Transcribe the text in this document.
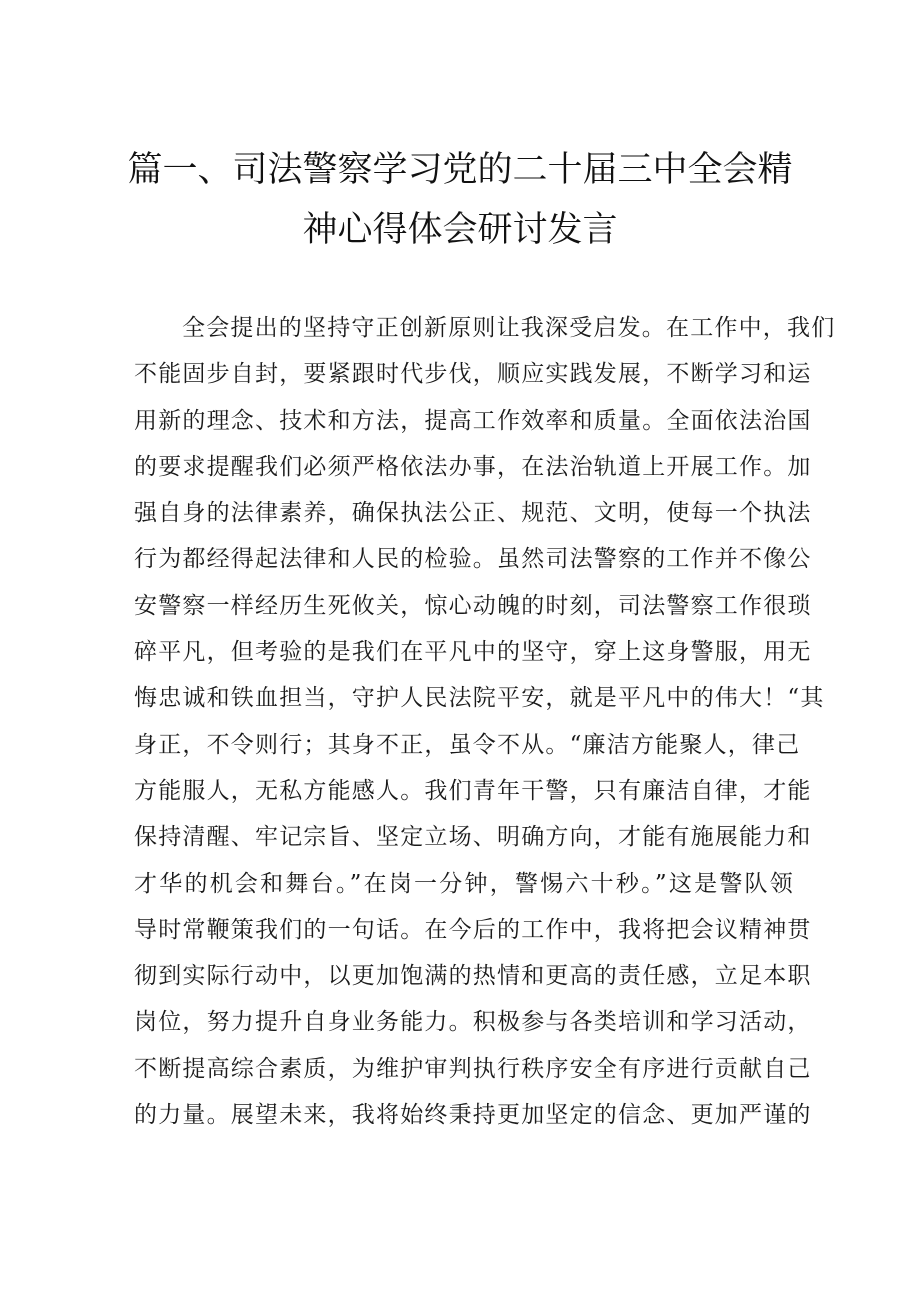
篇一、司法警察学习党的二十届三中全会精
神心得体会研讨发言
全会提出的坚持守正创新原则让我深受启发。在工作中，我们
不能固步自封，要紧跟时代步伐，顺应实践发展，不断学习和运
用新的理念、技术和方法，提高工作效率和质量。全面依法治国
的要求提醒我们必须严格依法办事，在法治轨道上开展工作。加
强自身的法律素养，确保执法公正、规范、文明，使每一个执法
行为都经得起法律和人民的检验。虽然司法警察的工作并不像公
安警察一样经历生死攸关，惊心动魄的时刻，司法警察工作很琐
碎平凡，但考验的是我们在平凡中的坚守，穿上这身警服，用无
悔忠诚和铁血担当，守护人民法院平安，就是平凡中的伟大！“其
身正，不令则行；其身不正，虽令不从。“廉洁方能聚人，律己
方能服人，无私方能感人。我们青年干警，只有廉洁自律，才能
保持清醒、牢记宗旨、坚定立场、明确方向，才能有施展能力和
才华的机会和舞台。”在岗一分钟，警惕六十秒。”这是警队领
导时常鞭策我们的一句话。在今后的工作中，我将把会议精神贯
彻到实际行动中，以更加饱满的热情和更高的责任感，立足本职
岗位，努力提升自身业务能力。积极参与各类培训和学习活动，
不断提高综合素质，为维护审判执行秩序安全有序进行贡献自己
的力量。展望未来，我将始终秉持更加坚定的信念、更加严谨的
